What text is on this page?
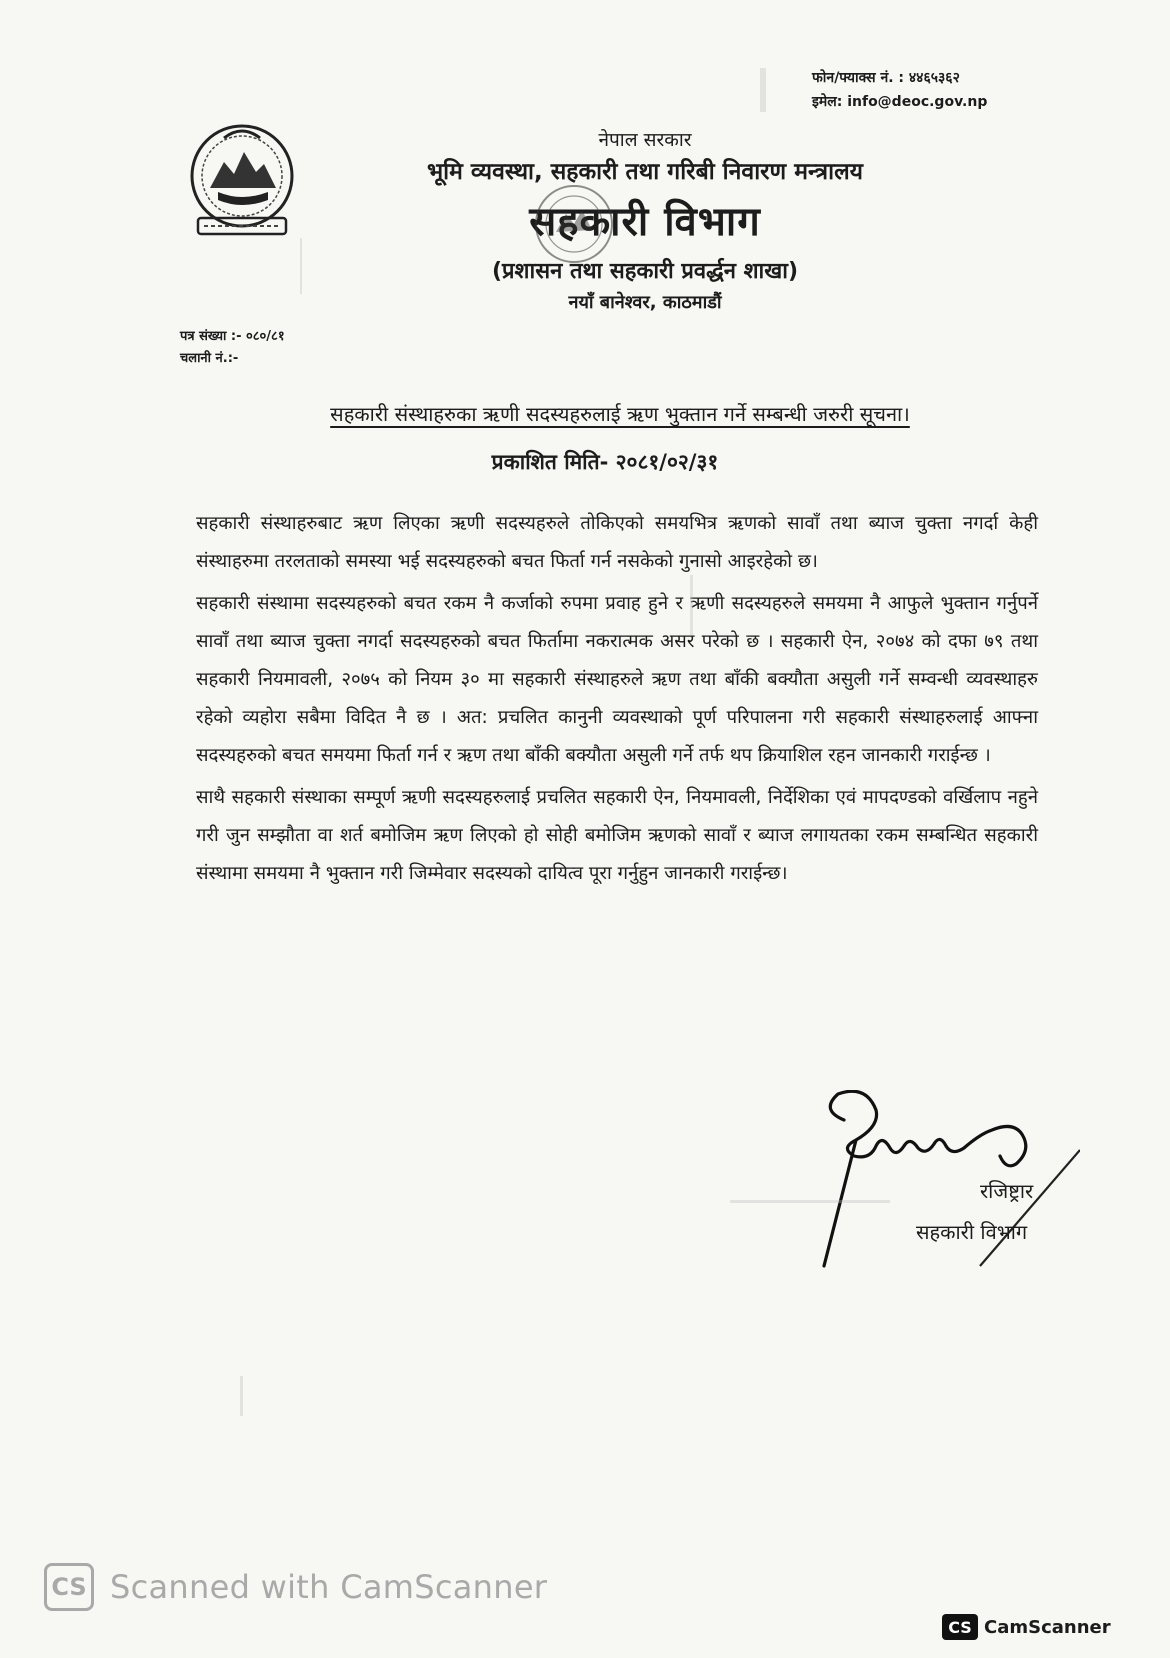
फोन/फ्याक्स नं. : ४४६५३६२
इमेल: info@deoc.gov.np
नेपाल सरकार
भूमि व्यवस्था, सहकारी तथा गरिबी निवारण मन्त्रालय
सहकारी विभाग
(प्रशासन तथा सहकारी प्रवर्द्धन शाखा)
नयाँ बानेश्वर, काठमाडौं
पत्र संख्या :- ०८०/८१
चलानी नं.:-
सहकारी संस्थाहरुका ऋणी सदस्यहरुलाई ऋण भुक्तान गर्ने सम्बन्धी जरुरी सूचना।
प्रकाशित मिति- २०८१/०२/३१

सहकारी संस्थाहरुबाट ऋण लिएका ऋणी सदस्यहरुले तोकिएको समयभित्र ऋणको सावाँ तथा ब्याज चुक्ता नगर्दा केही संस्थाहरुमा तरलताको समस्या भई सदस्यहरुको बचत फिर्ता गर्न नसकेको गुनासो आइरहेको छ।

सहकारी संस्थामा सदस्यहरुको बचत रकम नै कर्जाको रुपमा प्रवाह हुने र ऋणी सदस्यहरुले समयमा नै आफुले भुक्तान गर्नुपर्ने सावाँ तथा ब्याज चुक्ता नगर्दा सदस्यहरुको बचत फिर्तामा नकरात्मक असर परेको छ । सहकारी ऐन, २०७४ को दफा ७९ तथा सहकारी नियमावली, २०७५ को नियम ३० मा सहकारी संस्थाहरुले ऋण तथा बाँकी बक्यौता असुली गर्ने सम्वन्धी व्यवस्थाहरु रहेको व्यहोरा सबैमा विदित नै छ । अत: प्रचलित कानुनी व्यवस्थाको पूर्ण परिपालना गरी सहकारी संस्थाहरुलाई आफ्ना सदस्यहरुको बचत समयमा फिर्ता गर्न र ऋण तथा बाँकी बक्यौता असुली गर्ने तर्फ थप क्रियाशिल रहन जानकारी गराईन्छ ।

साथै सहकारी संस्थाका सम्पूर्ण ऋणी सदस्यहरुलाई प्रचलित सहकारी ऐन, नियमावली, निर्देशिका एवं मापदण्डको वर्खिलाप नहुने गरी जुन सम्झौता वा शर्त बमोजिम ऋण लिएको हो सोही बमोजिम ऋणको सावाँ र ब्याज लगायतका रकम सम्बन्धित सहकारी संस्थामा समयमा नै भुक्तान गरी जिम्मेवार सदस्यको दायित्व पूरा गर्नुहुन जानकारी गराईन्छ।

रजिष्ट्रार
सहकारी विभाग
CS Scanned with CamScanner
CS CamScanner
